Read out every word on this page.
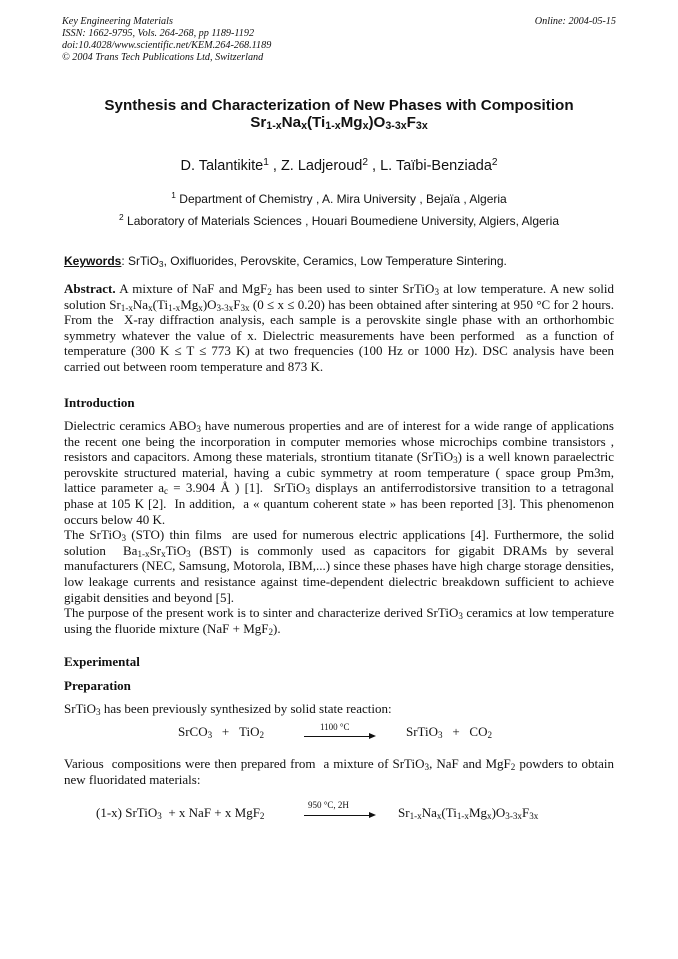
Key Engineering Materials
ISSN: 1662-9795, Vols. 264-268, pp 1189-1192
doi:10.4028/www.scientific.net/KEM.264-268.1189
© 2004 Trans Tech Publications Ltd, Switzerland
Online: 2004-05-15
Synthesis and Characterization of New Phases with Composition
$Sr_{1-x}Na_x(Ti_{1-x}Mg_x)O_{3-3x}F_{3x}$
D. Talantikite$^1$ , Z. Ladjeroud$^2$ , L. Taïbi-Benziada$^2$
$^1$ Department of Chemistry , A. Mira University , Bejaïa , Algeria
$^2$ Laboratory of Materials Sciences , Houari Boumediene University, Algiers, Algeria
Keywords: SrTiO$_3$, Oxifluorides, Perovskite, Ceramics, Low Temperature Sintering.
Abstract. A mixture of NaF and MgF$_2$ has been used to sinter SrTiO$_3$ at low temperature. A new solid solution $Sr_{1-x}Na_x(Ti_{1-x}Mg_x)O_{3-3x}F_{3x}$ (0 ≤ x ≤ 0.20) has been obtained after sintering at 950 °C for 2 hours. From the  X-ray diffraction analysis, each sample is a perovskite single phase with an orthorhombic symmetry whatever the value of x. Dielectric measurements have been performed  as a function of temperature (300 K ≤ T ≤ 773 K) at two frequencies (100 Hz or 1000 Hz). DSC analysis have been carried out between room temperature and 873 K.
Introduction

Dielectric ceramics $ABO_3$ have numerous properties and are of interest for a wide range of applications the recent one being the incorporation in computer memories whose microchips combine transistors , resistors and capacitors. Among these materials, strontium titanate (SrTiO$_3$) is a well known paraelectric perovskite structured material, having a cubic symmetry at room temperature ( space group Pm3m, lattice parameter $a_c = 3.904$ Å ) [1].  SrTiO$_3$ displays an antiferrodistorsive transition to a tetragonal phase at 105 K [2].  In addition,  a « quantum coherent state » has been reported [3]. This phenomenon occurs below 40 K.

The SrTiO$_3$ (STO) thin films  are used for numerous electric applications [4]. Furthermore, the solid solution  $Ba_{1-x}Sr_xTiO_3$ (BST) is commonly used as capacitors for gigabit DRAMs by several manufacturers (NEC, Samsung, Motorola, IBM,...) since these phases have high charge storage densities, low leakage currents and resistance against time-dependent dielectric breakdown sufficient to achieve gigabit densities and beyond [5].

The purpose of the present work is to sinter and characterize derived SrTiO$_3$ ceramics at low temperature using the fluoride mixture (NaF + MgF$_2$).

Experimental
Preparation
SrTiO$_3$ has been previously synthesized by solid state reaction:
SrCO$_3$   +   TiO$_2$
1100 °C	SrTiO$_3$   +   $CO_2$
Various  compositions were then prepared from  a mixture of SrTiO$_3$, NaF and MgF$_2$ powders to obtain new fluoridated materials:
(1-x) SrTiO$_3$  + x NaF + x MgF$_2$
950 °C, 2H	$Sr_{1-x}Na_x(Ti_{1-x}Mg_x)O_{3-3x}F_{3x}$
